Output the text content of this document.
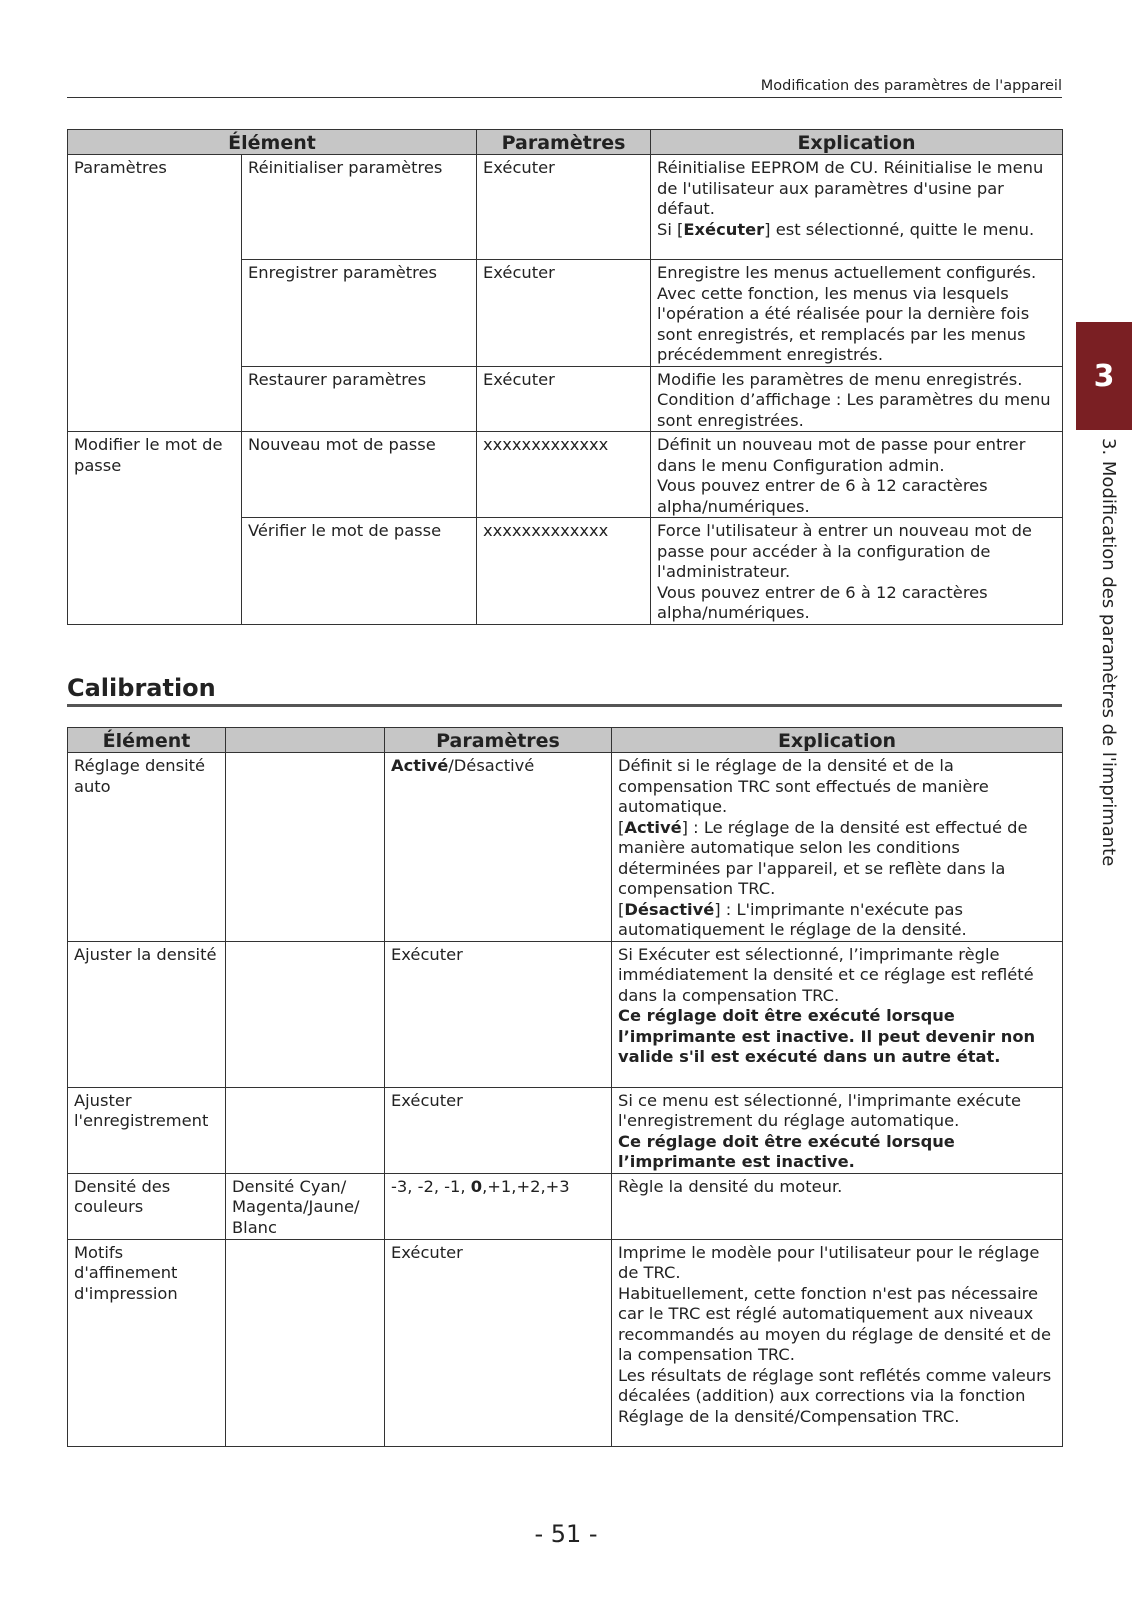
Modification des paramètres de l'appareil
3
3. Modification des paramètres de l'imprimante
Élément		Paramètres	Explication
Paramètres	Réinitialiser paramètres	Exécuter	Réinitialise EEPROM de CU. Réinitialise le menu de l'utilisateur aux paramètres d'usine par défaut.
Si [Exécuter] est sélectionné, quitte le menu.

	Enregistrer paramètres	Exécuter	Enregistre les menus actuellement configurés. Avec cette fonction, les menus via lesquels l'opération a été réalisée pour la dernière fois sont enregistrés, et remplacés par les menus précédemment enregistrés.

	Restaurer paramètres	Exécuter	Modifie les paramètres de menu enregistrés.
Condition d’affichage : Les paramètres du menu sont enregistrées.

Modifier le mot de passe	Nouveau mot de passe	xxxxxxxxxxxxx	Définit un nouveau mot de passe pour entrer dans le menu Configuration admin.
Vous pouvez entrer de 6 à 12 caractères alpha/numériques.

	Vérifier le mot de passe	xxxxxxxxxxxxx	Force l'utilisateur à entrer un nouveau mot de passe pour accéder à la configuration de l'administrateur.
Vous pouvez entrer de 6 à 12 caractères alpha/numériques.
Calibration
Élément		Paramètres	Explication
Réglage densité auto		Activé/Désactivé	Définit si le réglage de la densité et de la compensation TRC sont effectués de manière automatique.
[Activé] : Le réglage de la densité est effectué de manière automatique selon les conditions déterminées par l'appareil, et se reflète dans la compensation TRC.
[Désactivé] : L'imprimante n'exécute pas automatiquement le réglage de la densité.

Ajuster la densité		Exécuter	Si Exécuter est sélectionné, l’imprimante règle immédiatement la densité et ce réglage est reflété dans la compensation TRC.
Ce réglage doit être exécuté lorsque l’imprimante est inactive. Il peut devenir non valide s'il est exécuté dans un autre état.

Ajuster l'enregistrement		Exécuter	Si ce menu est sélectionné, l'imprimante exécute l'enregistrement du réglage automatique.
Ce réglage doit être exécuté lorsque l’imprimante est inactive.

Densité des couleurs	Densité Cyan/ Magenta/Jaune/ Blanc	-3, -2, -1, 0,+1,+2,+3	Règle la densité du moteur.

Motifs d'affinement d'impression		Exécuter	Imprime le modèle pour l'utilisateur pour le réglage de TRC.
Habituellement, cette fonction n'est pas nécessaire car le TRC est réglé automatiquement aux niveaux recommandés au moyen du réglage de densité et de la compensation TRC.
Les résultats de réglage sont reflétés comme valeurs décalées (addition) aux corrections via la fonction Réglage de la densité/Compensation TRC.
- 51 -
